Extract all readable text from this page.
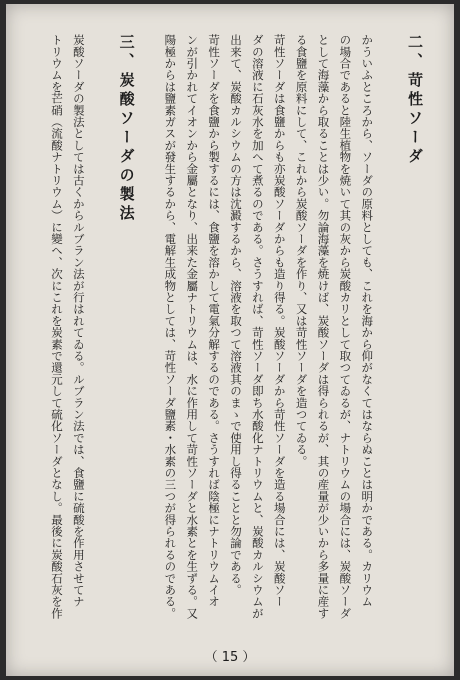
二、苛性ソーダ
かういふところから、ソーダの原料としても、これを海から仰がなくてはならぬことは明かである。カリウム
の場合であると陸生植物を焼いて其の灰から炭酸カリとして取つてゐるが、ナトリウムの場合には、炭酸ソーダ
として海藻から取ることは少い。勿論海藻を焼けば、炭酸ソーダは得られるが、其の産量が少いから多量に産す
る食鹽を原料にして、これから炭酸ソーダを作り、又は苛性ソーダを造つてゐる。
苛性ソーダは食鹽からも亦炭酸ソーダからも造り得る。炭酸ソーダから苛性ソーダを造る場合には、炭酸ソー
ダの溶液に石灰水を加へて煮るのである。さうすれば、苛性ソーダ即ち水酸化ナトリウムと、炭酸カルシウムが
出来て、炭酸カルシウムの方は沈澱するから、溶液を取つて溶液其のまゝで使用し得ることと勿論である。
苛性ソーダを食鹽から製するには、食鹽を溶かして電氣分解するのである。さうすれば陰極にナトリウムイオ
ンが引かれてイオンから金屬となり、出来た金屬ナトリウムは、水に作用して苛性ソーダと水素とを生ずる。又
陽極からは鹽素ガスが發生するから、電解生成物としては、苛性ソーダ鹽素・水素の三つが得られるのである。
三、炭酸ソーダの製法
炭酸ソーダの製法としては古くからルブラン法が行はれてゐる。ルブラン法では、食鹽に硫酸を作用させてナ
トリウムを芒硝（流酸ナトリウム）に變へ、次にこれを炭素で還元して硫化ソーダとなし。最後に炭酸石灰を作
（ 15 ）
